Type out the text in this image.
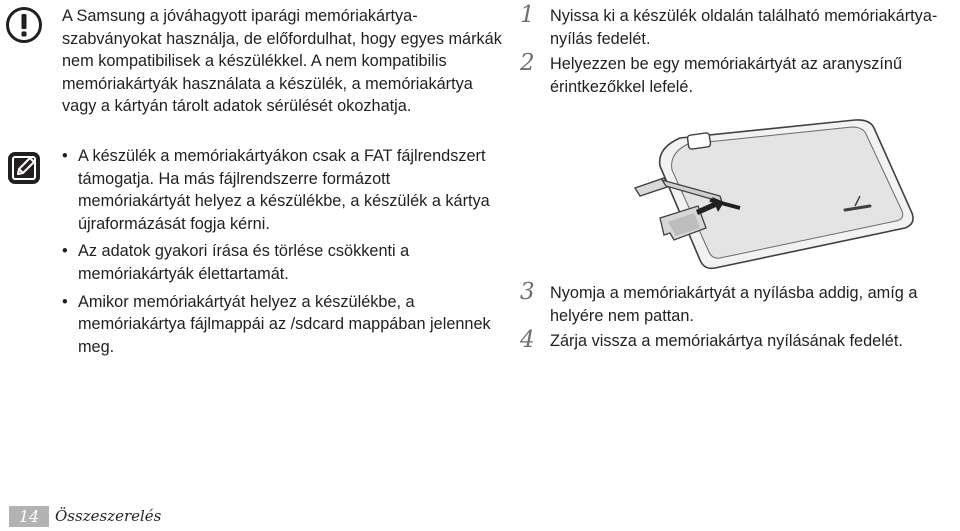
A Samsung a jóváhagyott iparági memóriakártya-szabványokat használja, de előfordulhat, hogy egyes márkák nem kompatibilisek a készülékkel. A nem kompatibilis memóriakártyák használata a készülék, a memóriakártya vagy a kártyán tárolt adatok sérülését okozhatja.
• A készülék a memóriakártyákon csak a FAT fájlrendszert támogatja. Ha más fájlrendszerre formázott memóriakártyát helyez a készülékbe, a készülék a kártya újraformázását fogja kérni.
• Az adatok gyakori írása és törlése csökkenti a memóriakártyák élettartamát.
• Amikor memóriakártyát helyez a készülékbe, a memóriakártya fájlmappái az /sdcard mappában jelennek meg.
1 Nyissa ki a készülék oldalán található memóriakártya-nyílás fedelét.
2 Helyezzen be egy memóriakártyát az aranyszínű érintkezőkkel lefelé.
3 Nyomja a memóriakártyát a nyílásba addig, amíg a helyére nem pattan.
4 Zárja vissza a memóriakártya nyílásának fedelét.
14	Összeszerelés
